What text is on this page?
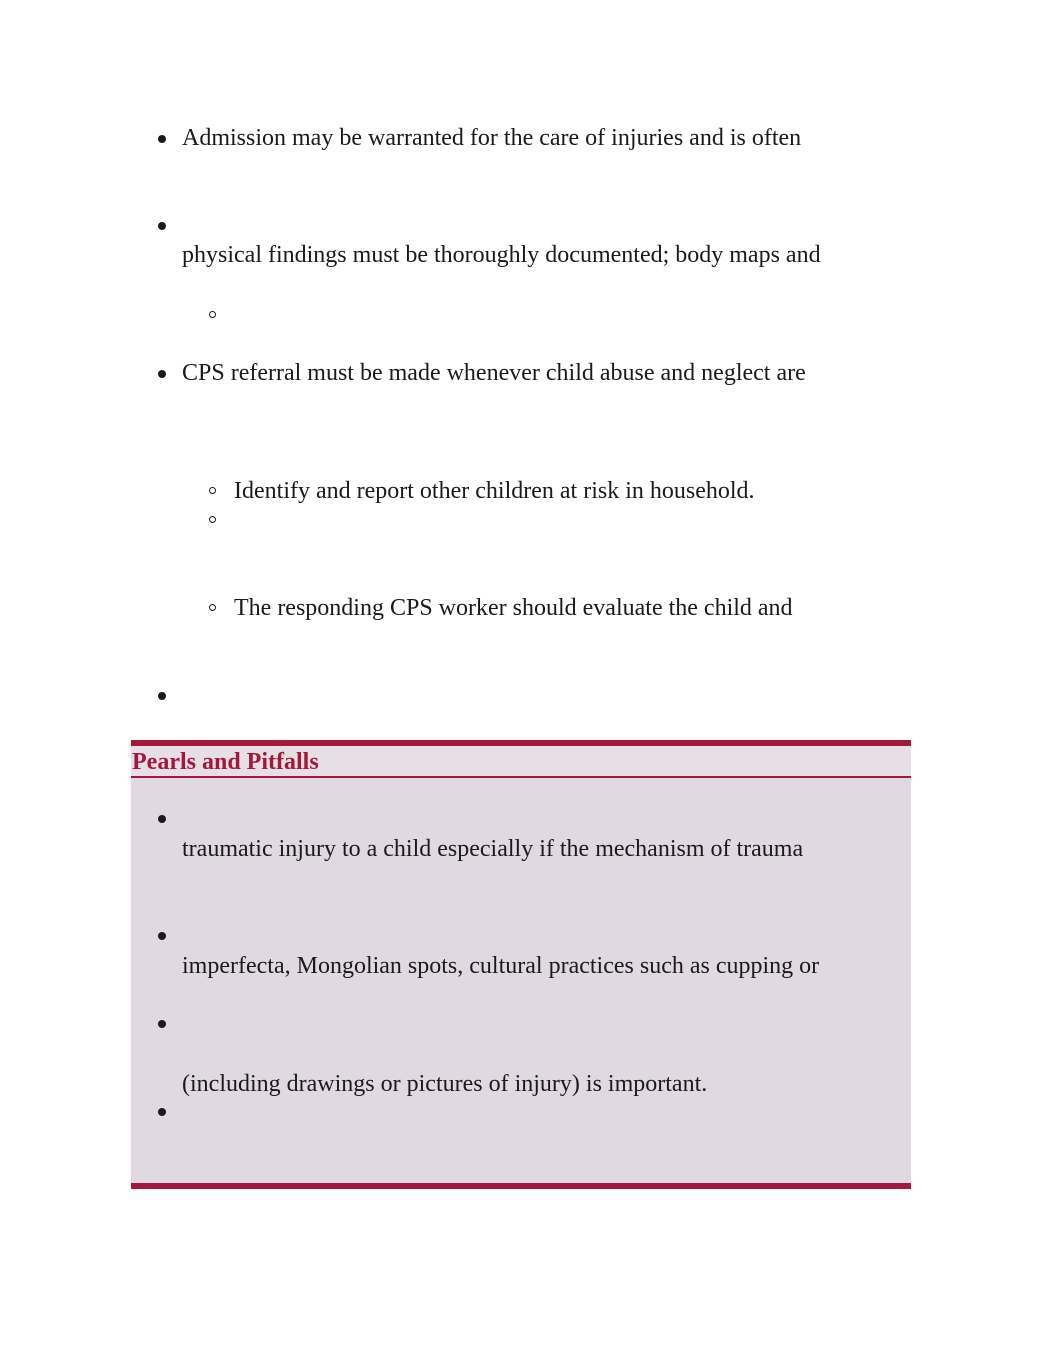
Admission may be warranted for the care of injuries and is often
physical findings must be thoroughly documented; body maps and
CPS referral must be made whenever child abuse and neglect are
Identify and report other children at risk in household.
The responding CPS worker should evaluate the child and
Pearls and Pitfalls
traumatic injury to a child especially if the mechanism of trauma
imperfecta, Mongolian spots, cultural practices such as cupping or
(including drawings or pictures of injury) is important.
